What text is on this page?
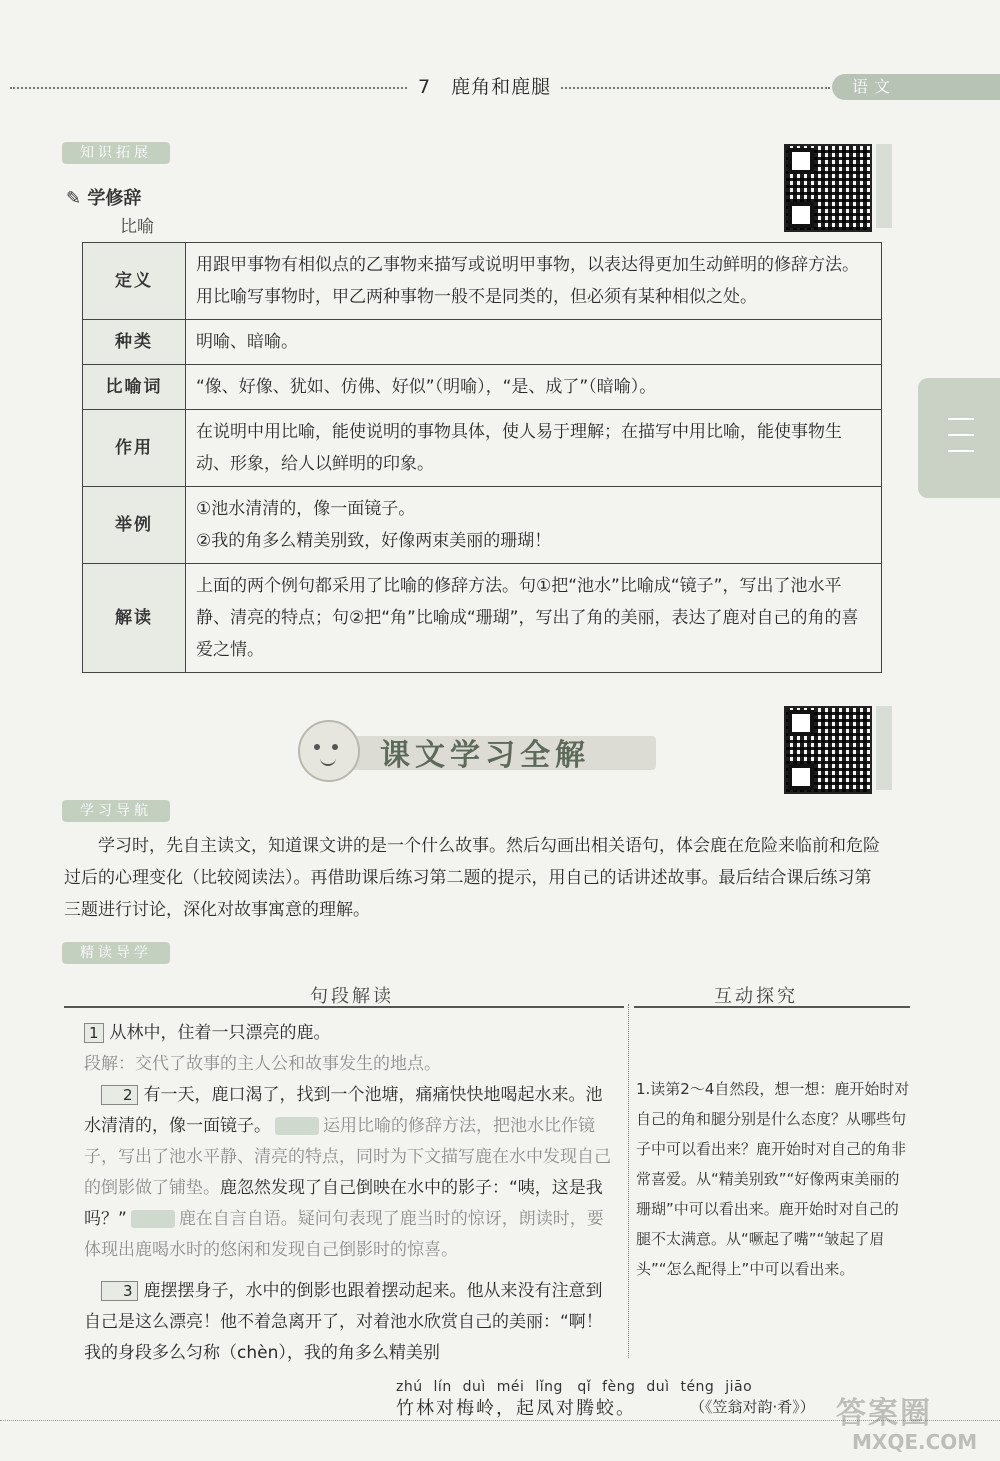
7　鹿角和鹿腿	语文
知识拓展
✎ 学修辞
比喻
定义	用跟甲事物有相似点的乙事物来描写或说明甲事物，以表达得更加生动鲜明的修辞方法。用比喻写事物时，甲乙两种事物一般不是同类的，但必须有某种相似之处。
种类	明喻、暗喻。
比喻词	“像、好像、犹如、仿佛、好似”（明喻），“是、成了”（暗喻）。
作用	在说明中用比喻，能使说明的事物具体，使人易于理解；在描写中用比喻，能使事物生动、形象，给人以鲜明的印象。
举例	①池水清清的，像一面镜子。
②我的角多么精美别致，好像两束美丽的珊瑚！
解读	上面的两个例句都采用了比喻的修辞方法。句①把“池水”比喻成“镜子”，写出了池水平静、清亮的特点；句②把“角”比喻成“珊瑚”，写出了角的美丽，表达了鹿对自己的角的喜爱之情。
课文学习全解
学习导航
学习时，先自主读文，知道课文讲的是一个什么故事。然后勾画出相关语句，体会鹿在危险来临前和危险过后的心理变化（比较阅读法）。再借助课后练习第二题的提示，用自己的话讲述故事。最后结合课后练习第三题进行讨论，深化对故事寓意的理解。
精读导学
句段解读	互动探究
1 从林中，住着一只漂亮的鹿。
段解：交代了故事的主人公和故事发生的地点。
2 有一天，鹿口渴了，找到一个池塘，痛痛快快地喝起水来。池水清清的，像一面镜子。	运用比喻的修辞方法，把池水比作镜子，写出了池水平静、清亮的特点，同时为下文描写鹿在水中发现自己的倒影做了铺垫。鹿忽然发现了自己倒映在水中的影子：“咦，这是我吗？”	鹿在自言自语。疑问句表现了鹿当时的惊讶，朗读时，要体现出鹿喝水时的悠闲和发现自己倒影时的惊喜。
3 鹿摆摆身子，水中的倒影也跟着摆动起来。他从来没有注意到自己是这么漂亮！他不着急离开了，对着池水欣赏自己的美丽：“啊！我的身段多么匀称（chèn），我的角多么精美别
1.读第2～4自然段，想一想：鹿开始时对自己的角和腿分别是什么态度？从哪些句子中可以看出来？鹿开始时对自己的角非常喜爱。从“精美别致”“好像两束美丽的珊瑚”中可以看出来。鹿开始时对自己的腿不太满意。从“噘起了嘴”“皱起了眉头”“怎么配得上”中可以看出来。
zhú lín duì méi lǐng　qǐ fèng duì téng jiāo
竹林对梅岭，起凤对腾蛟。	（《笠翁对韵·肴》） 答案圈
MXQE.COM
